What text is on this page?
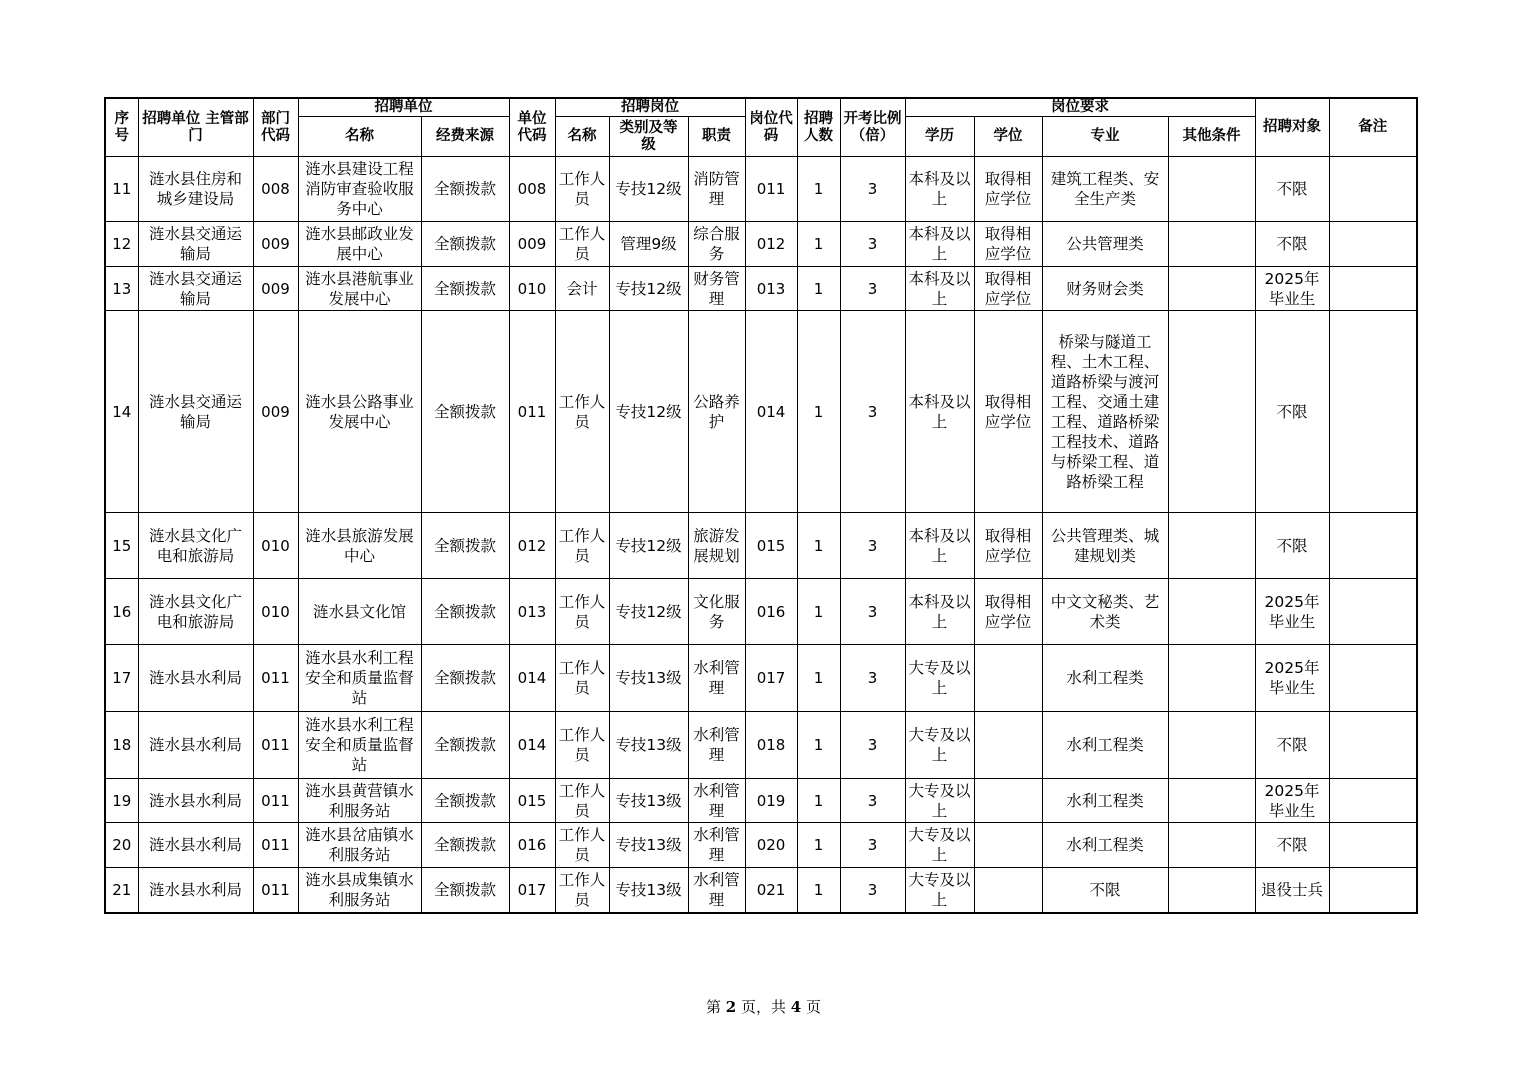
序号	招聘单位 主管部门	部门代码	招聘单位		单位代码	招聘岗位			岗位代码	招聘人数	开考比例（倍）	岗位要求				招聘对象	备注
			名称	经费来源		名称	类别及等级	职责				学历	学位	专业	其他条件		
11	涟水县住房和城乡建设局	008	涟水县建设工程消防审查验收服务中心	全额拨款	008	工作人员	专技12级	消防管理	011	1	3	本科及以上	取得相应学位	建筑工程类、安全生产类		不限	
12	涟水县交通运输局	009	涟水县邮政业发展中心	全额拨款	009	工作人员	管理9级	综合服务	012	1	3	本科及以上	取得相应学位	公共管理类		不限	
13	涟水县交通运输局	009	涟水县港航事业发展中心	全额拨款	010	会计	专技12级	财务管理	013	1	3	本科及以上	取得相应学位	财务财会类		2025年毕业生	
14	涟水县交通运输局	009	涟水县公路事业发展中心	全额拨款	011	工作人员	专技12级	公路养护	014	1	3	本科及以上	取得相应学位	桥梁与隧道工程、土木工程、道路桥梁与渡河工程、交通土建工程、道路桥梁工程技术、道路与桥梁工程、道路桥梁工程		不限	
15	涟水县文化广电和旅游局	010	涟水县旅游发展中心	全额拨款	012	工作人员	专技12级	旅游发展规划	015	1	3	本科及以上	取得相应学位	公共管理类、城建规划类		不限	
16	涟水县文化广电和旅游局	010	涟水县文化馆	全额拨款	013	工作人员	专技12级	文化服务	016	1	3	本科及以上	取得相应学位	中文文秘类、艺术类		2025年毕业生	
17	涟水县水利局	011	涟水县水利工程安全和质量监督站	全额拨款	014	工作人员	专技13级	水利管理	017	1	3	大专及以上		水利工程类		2025年毕业生	
18	涟水县水利局	011	涟水县水利工程安全和质量监督站	全额拨款	014	工作人员	专技13级	水利管理	018	1	3	大专及以上		水利工程类		不限	
19	涟水县水利局	011	涟水县黄营镇水利服务站	全额拨款	015	工作人员	专技13级	水利管理	019	1	3	大专及以上		水利工程类		2025年毕业生	
20	涟水县水利局	011	涟水县岔庙镇水利服务站	全额拨款	016	工作人员	专技13级	水利管理	020	1	3	大专及以上		水利工程类		不限	
21	涟水县水利局	011	涟水县成集镇水利服务站	全额拨款	017	工作人员	专技13级	水利管理	021	1	3	大专及以上		不限		退役士兵	
第 2 页，共 4 页
